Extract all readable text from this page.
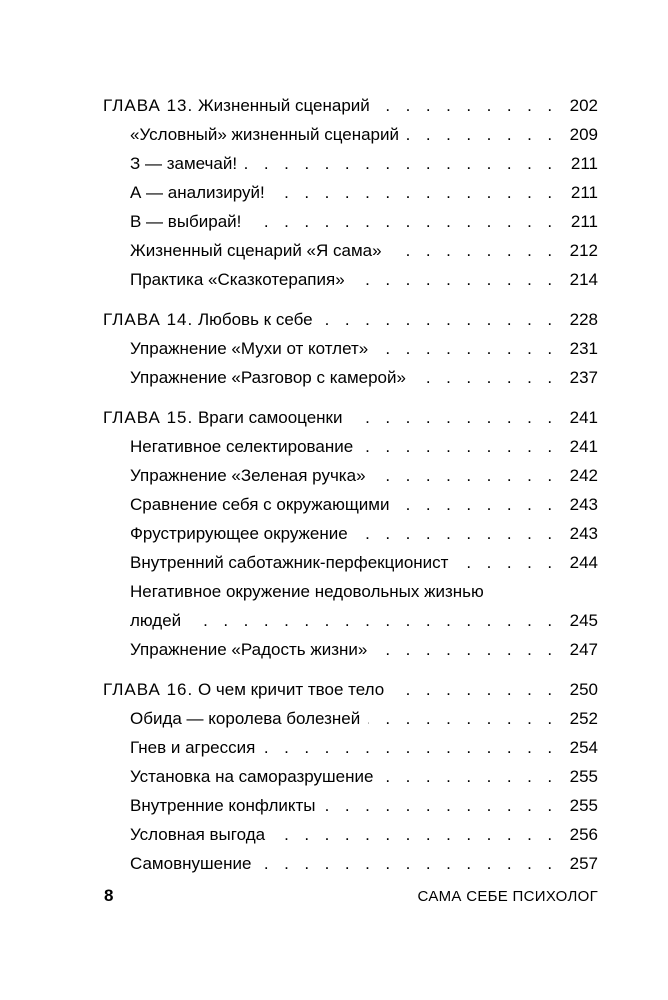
ГЛАВА 13. Жизненный сценарий . . .	202
«Условный» жизненный сценарий . . .	209
З — замечай! . . .	211
А — анализируй! . . .	211
В — выбирай! . . .	211
Жизненный сценарий «Я сама» . . .	212
Практика «Сказкотерапия» . . .	214
ГЛАВА 14. Любовь к себе . . .	228
Упражнение «Мухи от котлет» . . .	231
Упражнение «Разговор с камерой» . . .	237
ГЛАВА 15. Враги самооценки . . .	241
Негативное селектирование . . .	241
Упражнение «Зеленая ручка» . . .	242
Сравнение себя с окружающими . . .	243
Фрустрирующее окружение . . .	243
Внутренний саботажник-перфекционист . . .	244
Негативное окружение недовольных жизнью
людей . . .	245
Упражнение «Радость жизни» . . .	247
ГЛАВА 16. О чем кричит твое тело . . .	250
Обида — королева болезней . . .	252
Гнев и агрессия . . .	254
Установка на саморазрушение . . .	255
Внутренние конфликты . . .	255
Условная выгода . . .	256
Самовнушение . . .	257
8	САМА СЕБЕ ПСИХОЛОГ
